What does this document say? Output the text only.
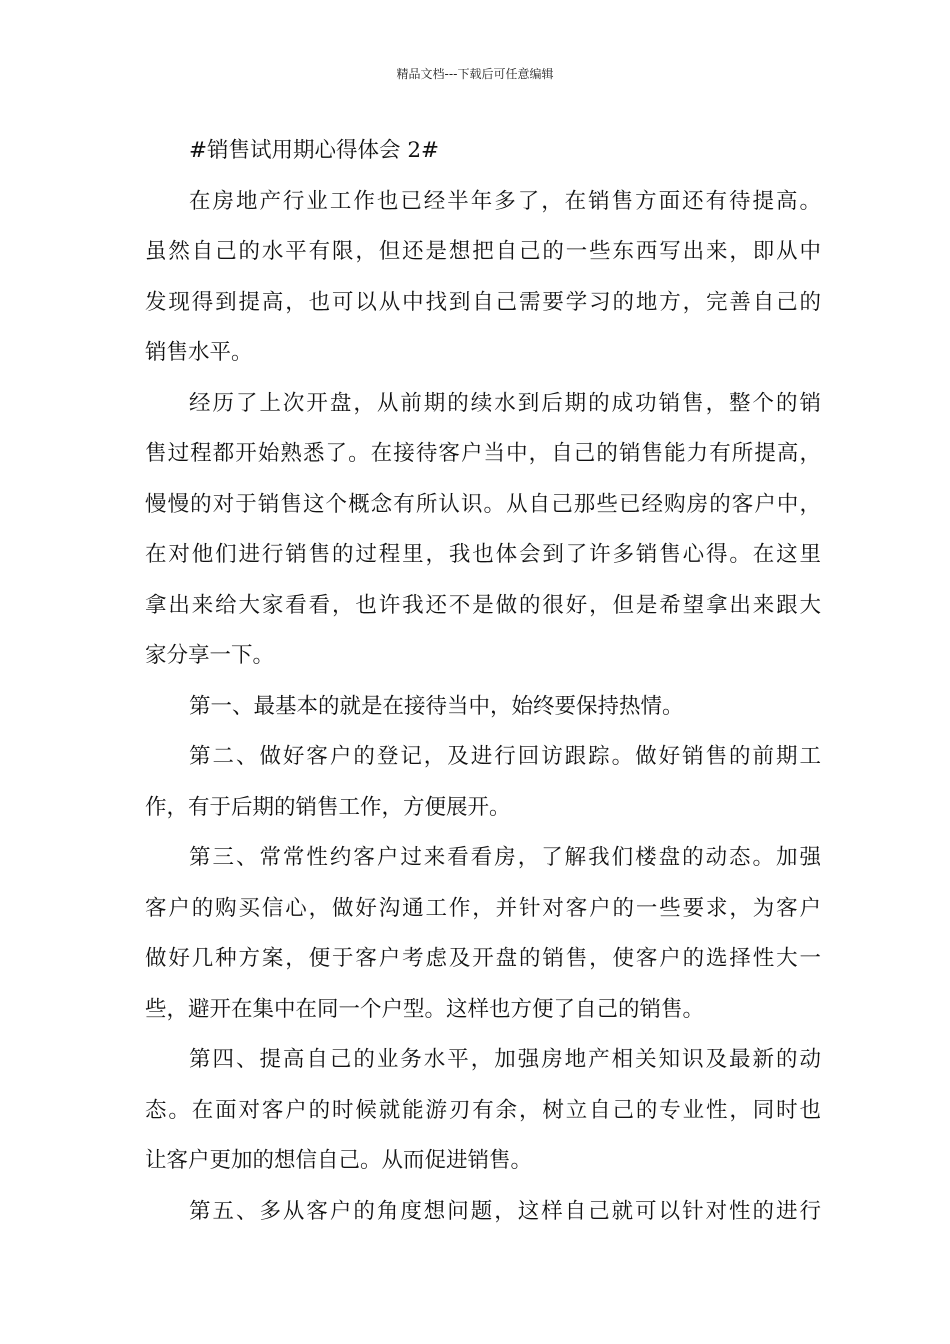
精品文档---下载后可任意编辑
#销售试用期心得体会 2#
在房地产行业工作也已经半年多了，在销售方面还有待提高。
虽然自己的水平有限，但还是想把自己的一些东西写出来，即从中
发现得到提高，也可以从中找到自己需要学习的地方，完善自己的
销售水平。
经历了上次开盘，从前期的续水到后期的成功销售，整个的销
售过程都开始熟悉了。在接待客户当中，自己的销售能力有所提高，
慢慢的对于销售这个概念有所认识。从自己那些已经购房的客户中，
在对他们进行销售的过程里，我也体会到了许多销售心得。在这里
拿出来给大家看看，也许我还不是做的很好，但是希望拿出来跟大
家分享一下。
第一、最基本的就是在接待当中，始终要保持热情。
第二、做好客户的登记，及进行回访跟踪。做好销售的前期工
作，有于后期的销售工作，方便展开。
第三、常常性约客户过来看看房，了解我们楼盘的动态。加强
客户的购买信心，做好沟通工作，并针对客户的一些要求，为客户
做好几种方案，便于客户考虑及开盘的销售，使客户的选择性大一
些，避开在集中在同一个户型。这样也方便了自己的销售。
第四、提高自己的业务水平，加强房地产相关知识及最新的动
态。在面对客户的时候就能游刃有余，树立自己的专业性，同时也
让客户更加的想信自己。从而促进销售。
第五、多从客户的角度想问题，这样自己就可以针对性的进行
